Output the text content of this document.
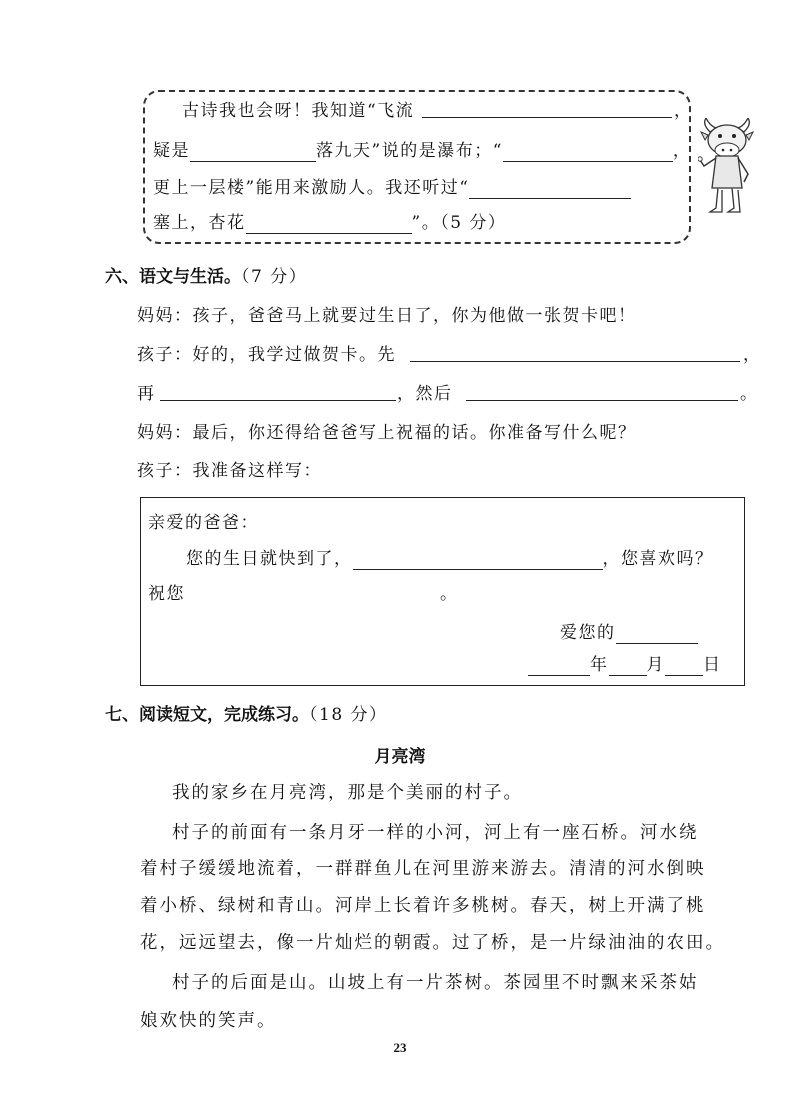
古诗我也会呀！我知道“飞流	，
疑是	落九天”说的是瀑布；“	，
更上一层楼”能用来激励人。我还听过“
塞上，杏花	”。（5 分）
六、语文与生活。（7 分）
妈妈：孩子，爸爸马上就要过生日了，你为他做一张贺卡吧！
孩子：好的，我学过做贺卡。先	，
再	，然后	。
妈妈：最后，你还得给爸爸写上祝福的话。你准备写什么呢？
孩子：我准备这样写：
亲爱的爸爸：
您的生日就快到了，	，您喜欢吗？
祝您	。
爱您的
年 月 日
七、阅读短文，完成练习。（18 分）
月亮湾
我的家乡在月亮湾，那是个美丽的村子。
村子的前面有一条月牙一样的小河，河上有一座石桥。河水绕
着村子缓缓地流着，一群群鱼儿在河里游来游去。清清的河水倒映
着小桥、绿树和青山。河岸上长着许多桃树。春天，树上开满了桃
花，远远望去，像一片灿烂的朝霞。过了桥，是一片绿油油的农田。
村子的后面是山。山坡上有一片茶树。茶园里不时飘来采茶姑
娘欢快的笑声。
23
